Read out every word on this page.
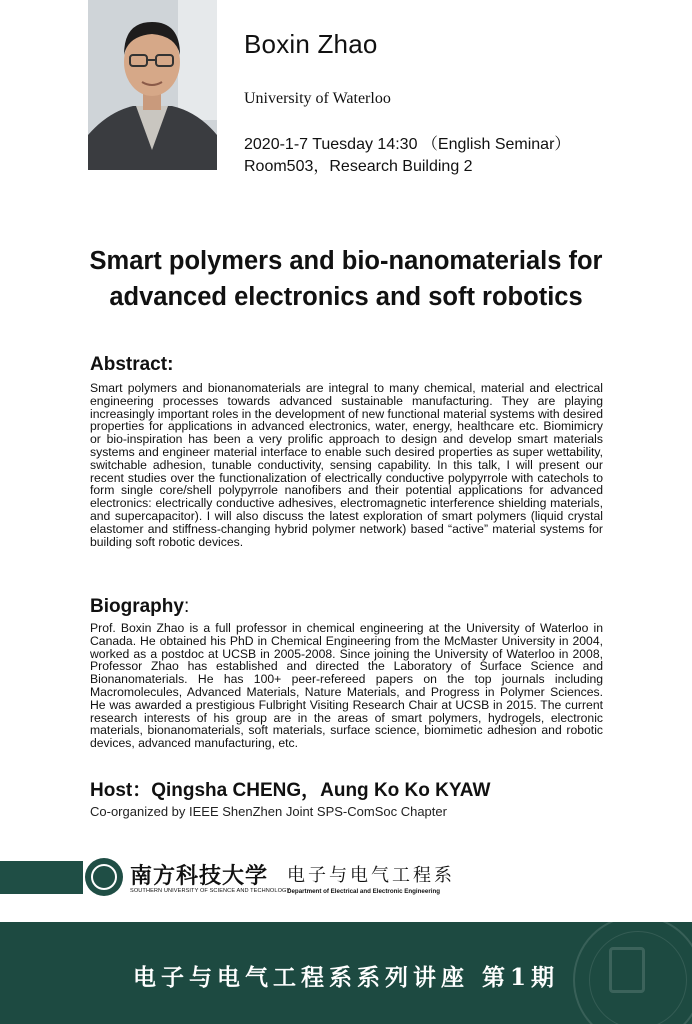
Boxin Zhao
University of Waterloo
2020-1-7 Tuesday 14:30 （English Seminar）
Room503，Research Building 2
Smart polymers and bio-nanomaterials for
advanced electronics and soft robotics
Abstract:
Smart polymers and bionanomaterials are integral to many chemical, material and electrical engineering processes towards advanced sustainable manufacturing. They are playing increasingly important roles in the development of new functional material systems with desired properties for applications in advanced electronics, water, energy, healthcare etc. Biomimicry or bio-inspiration has been a very prolific approach to design and develop smart materials systems and engineer material interface to enable such desired properties as super wettability, switchable adhesion, tunable conductivity, sensing capability. In this talk, I will present our recent studies over the functionalization of electrically conductive polypyrrole with catechols to form single core/shell polypyrrole nanofibers and their potential applications for advanced electronics: electrically conductive adhesives, electromagnetic interference shielding materials, and supercapacitor). I will also discuss the latest exploration of smart polymers (liquid crystal elastomer and stiffness-changing hybrid polymer network) based “active” material systems for building soft robotic devices.
Biography:
Prof. Boxin Zhao is a full professor in chemical engineering at the University of Waterloo in Canada. He obtained his PhD in Chemical Engineering from the McMaster University in 2004, worked as a postdoc at UCSB in 2005-2008. Since joining the University of Waterloo in 2008, Professor Zhao has established and directed the Laboratory of Surface Science and Bionanomaterials. He has 100+ peer-refereed papers on the top journals including Macromolecules, Advanced Materials, Nature Materials, and Progress in Polymer Sciences. He was awarded a prestigious Fulbright Visiting Research Chair at UCSB in 2015. The current research interests of his group are in the areas of smart polymers, hydrogels, electronic materials, bionanomaterials, soft materials, surface science, biomimetic adhesion and robotic devices, advanced manufacturing, etc.
Host：Qingsha CHENG，Aung Ko Ko KYAW
Co-organized by IEEE ShenZhen Joint SPS-ComSoc Chapter
南方科技大学
SOUTHERN UNIVERSITY OF SCIENCE AND TECHNOLOGY
电子与电气工程系
Department of Electrical and Electronic Engineering
电子与电气工程系系列讲座 第1期
